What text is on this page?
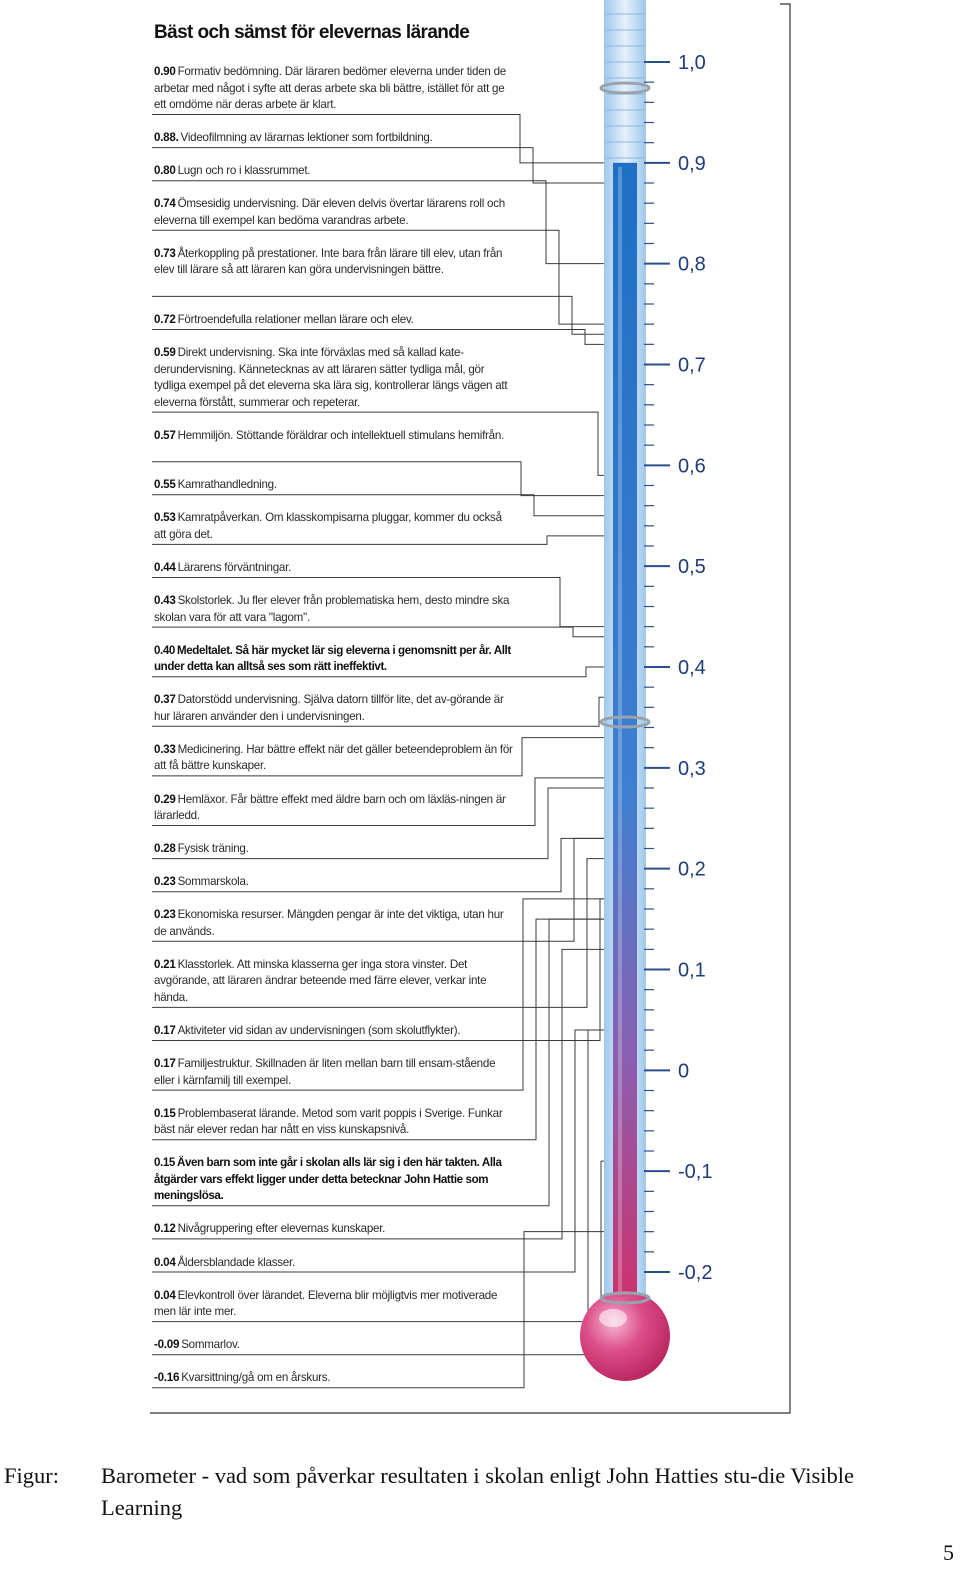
1,0
0,9
0,8
0,7
0,6
0,5
0,4
0,3
0,2
0,1
0
-0,1
-0,2
Bäst och sämst för elevernas lärande
0.90 Formativ bedömning. Där läraren bedömer eleverna under tiden de arbetar med något i syfte att deras arbete ska bli bättre, istället för att ge ett omdöme när deras arbete är klart.
0.88. Videofilmning av lärarnas lektioner som fortbildning.
0.80 Lugn och ro i klassrummet.
0.74 Ömsesidig undervisning. Där eleven delvis övertar lärarens roll och eleverna till exempel kan bedöma varandras arbete.
0.73 Återkoppling på prestationer. Inte bara från lärare till elev, utan från elev till lärare så att läraren kan göra undervisningen bättre.
0.72 Förtroendefulla relationer mellan lärare och elev.
0.59 Direkt undervisning. Ska inte förväxlas med så kallad kate-derundervisning. Kännetecknas av att läraren sätter tydliga mål, gör tydliga exempel på det eleverna ska lära sig, kontrollerar längs vägen att eleverna förstått, summerar och repeterar.
0.57 Hemmiljön. Stöttande föräldrar och intellektuell stimulans hemifrån.
0.55 Kamrathandledning.
0.53 Kamratpåverkan. Om klasskompisarna pluggar, kommer du också att göra det.
0.44 Lärarens förväntningar.
0.43 Skolstorlek. Ju fler elever från problematiska hem, desto mindre ska skolan vara för att vara "lagom".
0.40 Medeltalet. Så här mycket lär sig eleverna i genomsnitt per år. Allt under detta kan alltså ses som rätt ineffektivt.
0.37 Datorstödd undervisning. Själva datorn tillför lite, det av-görande är hur läraren använder den i undervisningen.
0.33 Medicinering. Har bättre effekt när det gäller beteendeproblem än för att få bättre kunskaper.
0.29 Hemläxor. Får bättre effekt med äldre barn och om läxläs-ningen är lärarledd.
0.28 Fysisk träning.
0.23 Sommarskola.
0.23 Ekonomiska resurser. Mängden pengar är inte det viktiga, utan hur de används.
0.21 Klasstorlek. Att minska klasserna ger inga stora vinster. Det avgörande, att läraren ändrar beteende med färre elever, verkar inte hända.
0.17 Aktiviteter vid sidan av undervisningen (som skolutflykter).
0.17 Familjestruktur. Skillnaden är liten mellan barn till ensam-stående eller i kärnfamilj till exempel.
0.15 Problembaserat lärande. Metod som varit poppis i Sverige. Funkar bäst när elever redan har nått en viss kunskapsnivå.
0.15 Även barn som inte går i skolan alls lär sig i den här takten. Alla åtgärder vars effekt ligger under detta betecknar John Hattie som meningslösa.
0.12 Nivågruppering efter elevernas kunskaper.
0.04 Åldersblandade klasser.
0.04 Elevkontroll över lärandet. Eleverna blir möjligtvis mer motiverade men lär inte mer.
-0.09 Sommarlov.
-0.16 Kvarsittning/gå om en årskurs.
Figur: Barometer - vad som påverkar resultaten i skolan enligt John Hatties stu-die Visible Learning
5
